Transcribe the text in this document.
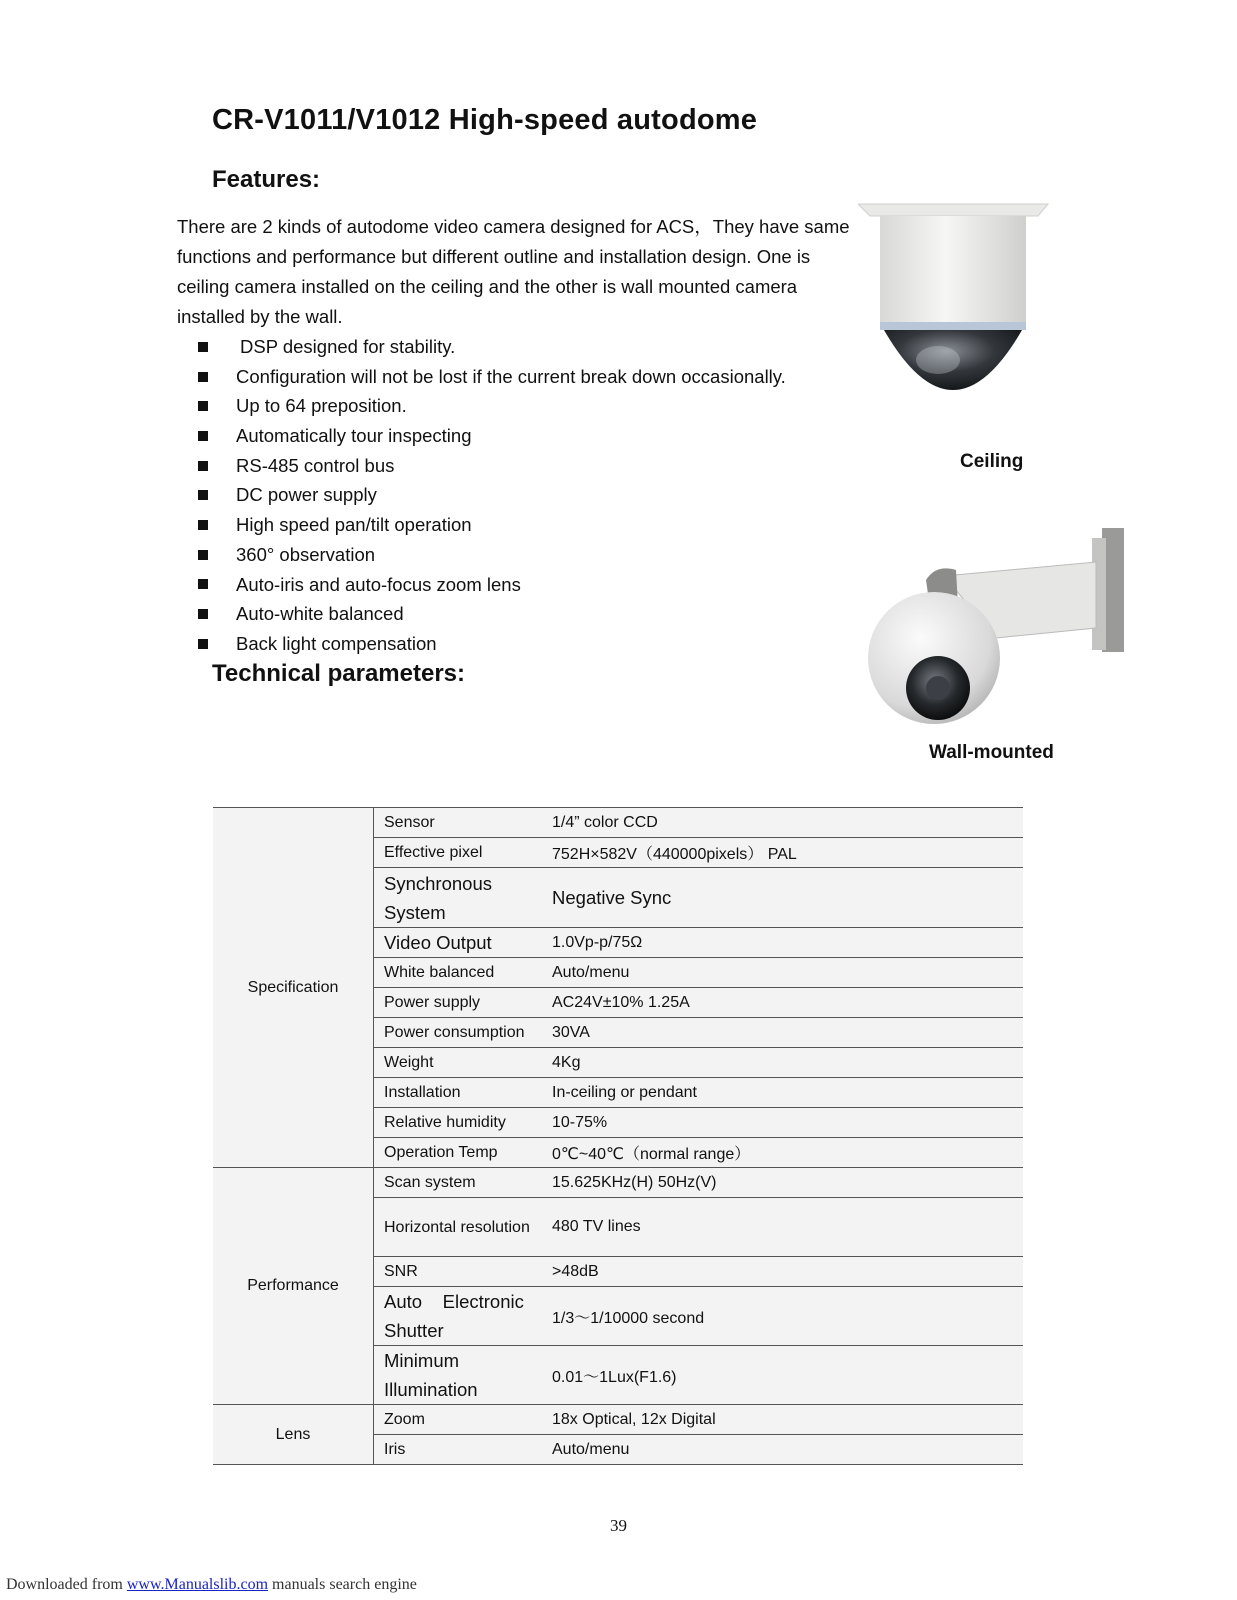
CR-V1011/V1012 High-speed autodome
Features:
There are 2 kinds of autodome video camera designed for ACS，They have same functions and performance but different outline and installation design. One is ceiling camera installed on the ceiling and the other is wall mounted camera installed by the wall.
DSP designed for stability.
Configuration will not be lost if the current break down occasionally.
Up to 64 preposition.
Automatically tour inspecting
RS-485 control bus
DC power supply
High speed pan/tilt operation
360° observation
Auto-iris and auto-focus zoom lens
Auto-white balanced
Back light compensation
Technical parameters:
Ceiling
Wall-mounted
Specification	Sensor	1/4” color CCD
	Effective pixel	752H×582V（440000pixels） PAL
	Synchronous System	Negative Sync
	Video Output	1.0Vp-p/75Ω
	White balanced	Auto/menu
	Power supply	AC24V±10% 1.25A
	Power consumption	30VA
	Weight	4Kg
	Installation	In-ceiling or pendant
	Relative humidity	10-75%
	Operation Temp	0℃~40℃（normal range）
Performance	Scan system	15.625KHz(H) 50Hz(V)
	Horizontal resolution	480 TV lines
	SNR	>48dB
	Auto    Electronic Shutter	1/3～1/10000 second
	Minimum Illumination	0.01～1Lux(F1.6)
Lens	Zoom	18x Optical, 12x Digital
	Iris	Auto/menu
39
Downloaded from www.Manualslib.com manuals search engine
